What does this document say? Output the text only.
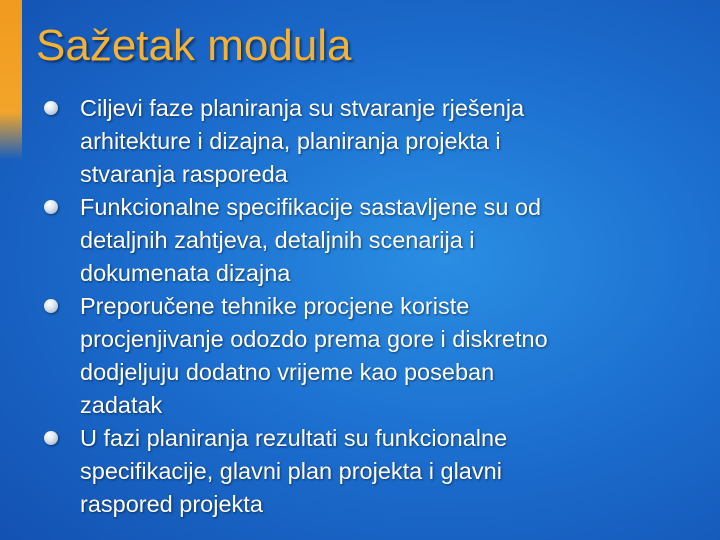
Sažetak modula
Ciljevi faze planiranja su stvaranje rješenja
arhitekture i dizajna, planiranja projekta i
stvaranja rasporeda
Funkcionalne specifikacije sastavljene su od
detaljnih zahtjeva, detaljnih scenarija i
dokumenata dizajna
Preporučene tehnike procjene koriste
procjenjivanje odozdo prema gore i diskretno
dodjeljuju dodatno vrijeme kao poseban
zadatak
U fazi planiranja rezultati su funkcionalne
specifikacije, glavni plan projekta i glavni
raspored projekta
